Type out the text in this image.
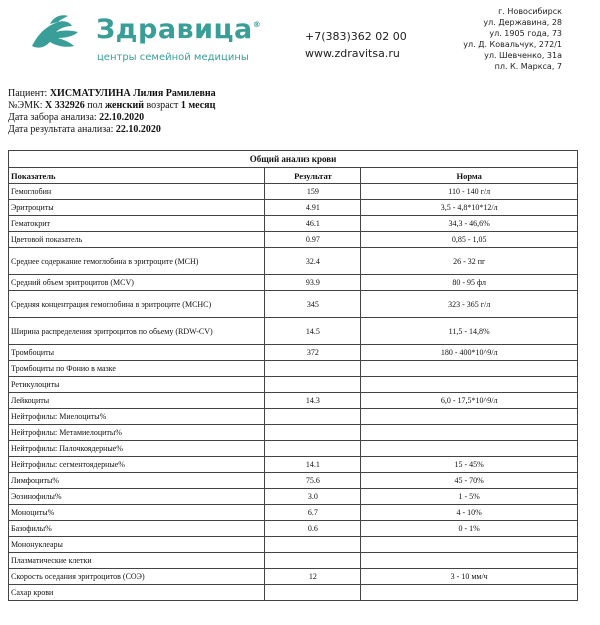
Здравица®
центры семейной медицины
+7(383)362 02 00
www.zdravitsa.ru
г. Новосибирск
ул. Державина, 28
ул. 1905 года, 73
ул. Д. Ковальчук, 272/1
ул. Шевченко, 31а
пл. К. Маркса, 7
Пациент: ХИСМАТУЛИНА Лилия Рамилевна
№ЭМК: Х 332926 пол женский возраст 1 месяц
Дата забора анализа: 22.10.2020
Дата результата анализа: 22.10.2020
Общий анализ крови		
Показатель	Результат	Норма
Гемоглобин	159	110 - 140 г/л
Эритроциты	4.91	3,5 - 4,8*10*12/л
Гематокрит	46.1	34,3 - 46,6%
Цветовой показатель	0.97	0,85 - 1,05
Среднее содержание гемоглобина в эритроците (МСН)	32.4	26 - 32 пг
Средний объем эритроцитов (MCV)	93.9	80 - 95 фл
Средняя концентрация гемоглобина в эритроците (МСНС)	345	323 - 365 г/л
Ширина распределения эритроцитов по обьему (RDW-CV)	14.5	11,5 - 14,8%
Тромбоциты	372	180 - 400*10^9/л
Тромбоциты по Фонио в мазке		
Ретикулоциты		
Лейкоциты	14.3	6,0 - 17,5*10^9/л
Нейтрофилы: Миелоциты%		
Нейтрофилы: Метамиелоциты%		
Нейтрофилы: Палочкоядерные%		
Нейтрофилы: сегментоядерные%	14.1	15 - 45%
Лимфоциты%	75.6	45 - 70%
Эозинофилы%	3.0	1 - 5%
Моноциты%	6.7	4 - 10%
Базофилы%	0.6	0 - 1%
Мононуклеары		
Плазматические клетки		
Скорость оседания эритроцитов (СОЭ)	12	3 - 10 мм/ч
Сахар крови		
